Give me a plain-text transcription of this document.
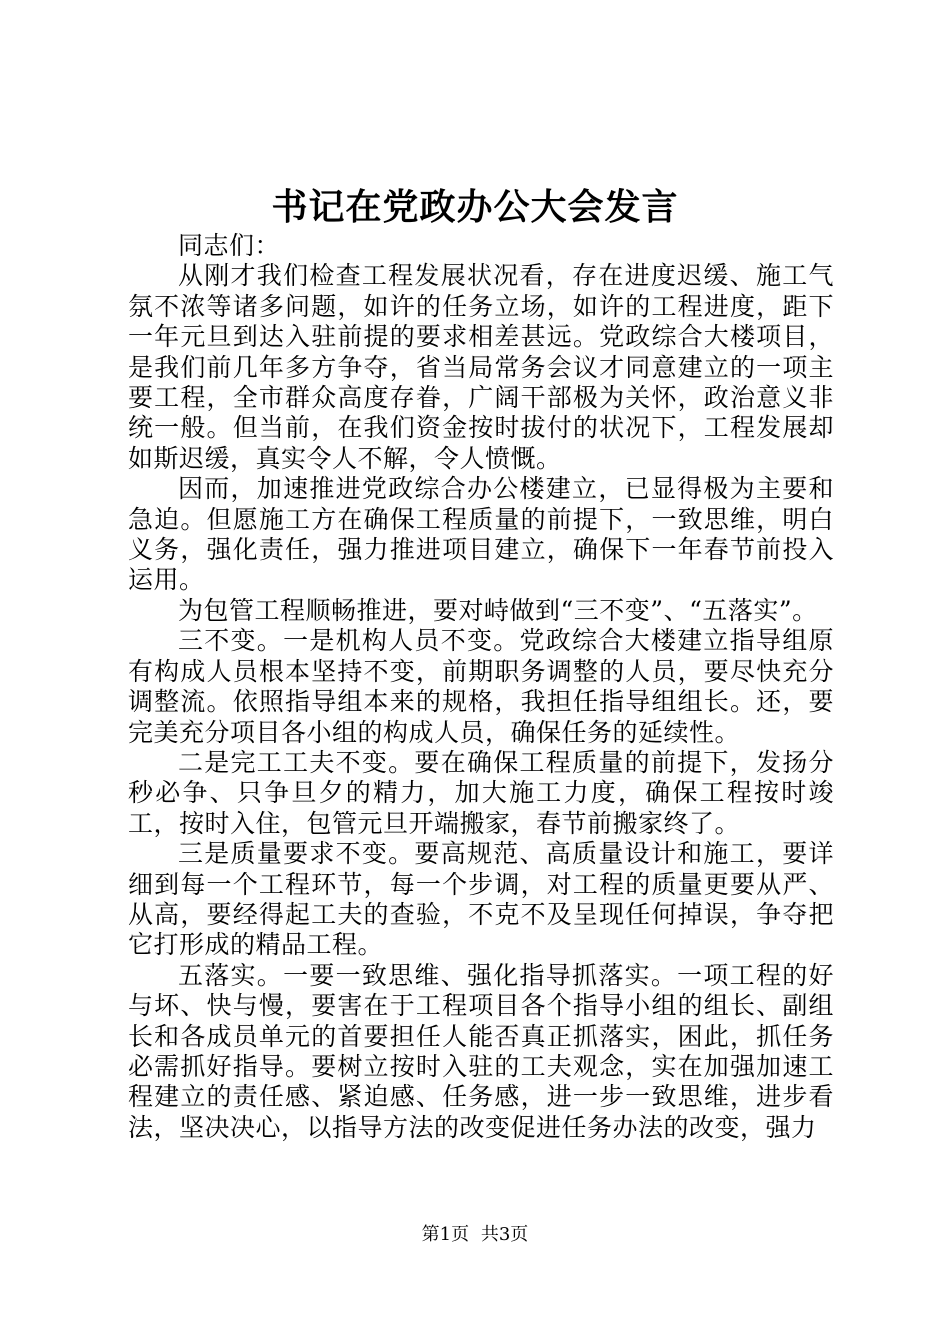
书记在党政办公大会发言

同志们：

从刚才我们检查工程发展状况看，存在进度迟缓、施工气氛不浓等诸多问题，如许的任务立场，如许的工程进度，距下一年元旦到达入驻前提的要求相差甚远。党政综合大楼项目，是我们前几年多方争夺，省当局常务会议才同意建立的一项主要工程，全市群众高度存眷，广阔干部极为关怀，政治意义非统一般。但当前，在我们资金按时拔付的状况下，工程发展却如斯迟缓，真实令人不解，令人愤慨。

因而，加速推进党政综合办公楼建立，已显得极为主要和急迫。但愿施工方在确保工程质量的前提下，一致思维，明白义务，强化责任，强力推进项目建立，确保下一年春节前投入运用。

为包管工程顺畅推进，要对峙做到“三不变”、“五落实”。

三不变。一是机构人员不变。党政综合大楼建立指导组原有构成人员根本坚持不变，前期职务调整的人员，要尽快充分调整流。依照指导组本来的规格，我担任指导组组长。还，要完美充分项目各小组的构成人员，确保任务的延续性。

二是完工工夫不变。要在确保工程质量的前提下，发扬分秒必争、只争旦夕的精力，加大施工力度，确保工程按时竣工，按时入住，包管元旦开端搬家，春节前搬家终了。

三是质量要求不变。要高规范、高质量设计和施工，要详细到每一个工程环节，每一个步调，对工程的质量更要从严、从高，要经得起工夫的查验，不克不及呈现任何掉误，争夺把它打形成的精品工程。

五落实。一要一致思维、强化指导抓落实。一项工程的好与坏、快与慢，要害在于工程项目各个指导小组的组长、副组长和各成员单元的首要担任人能否真正抓落实，困此，抓任务必需抓好指导。要树立按时入驻的工夫观念，实在加强加速工程建立的责任感、紧迫感、任务感，进一步一致思维，进步看法，坚决决心，以指导方法的改变促进任务办法的改变，强力

第1页 共3页
